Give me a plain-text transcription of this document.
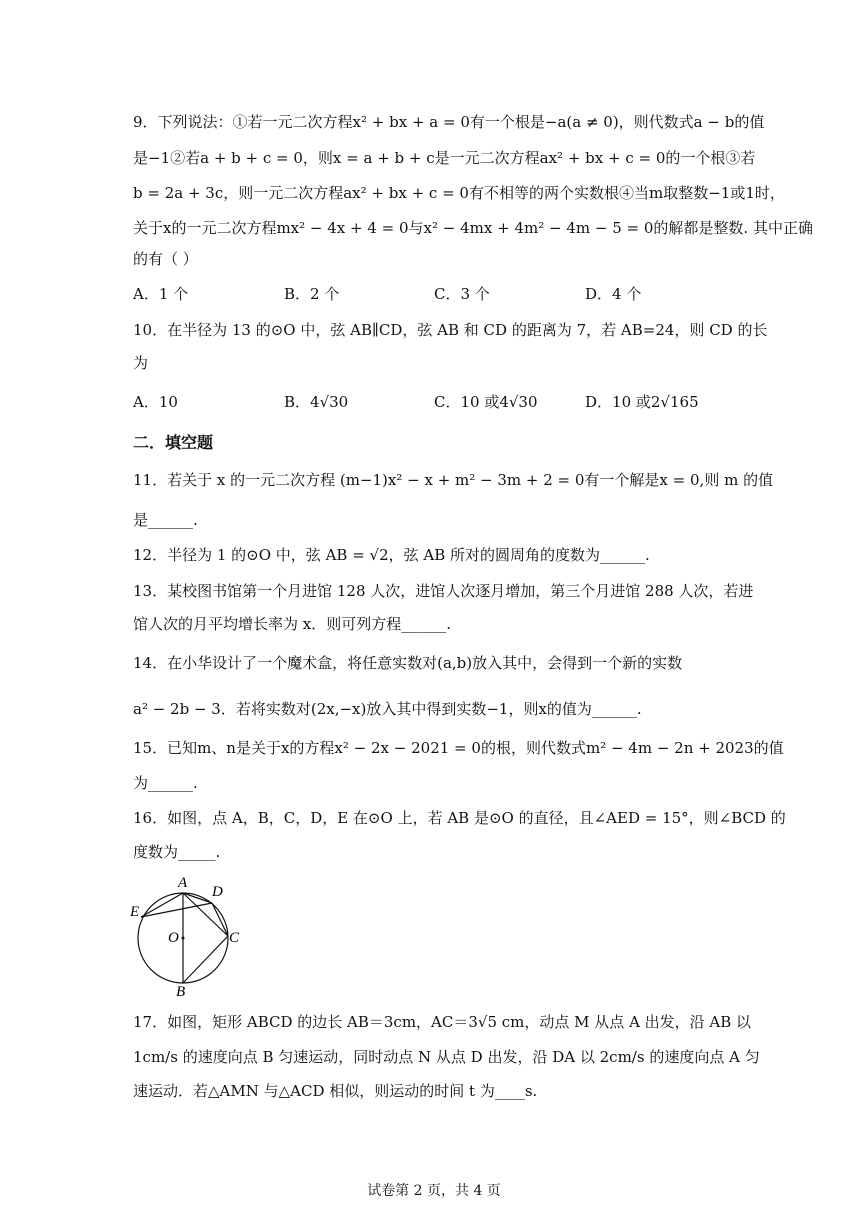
9．下列说法：①若一元二次方程x² + bx + a = 0有一个根是−a(a ≠ 0)，则代数式a − b的值
是−1②若a + b + c = 0，则x = a + b + c是一元二次方程ax² + bx + c = 0的一个根③若
b = 2a + 3c，则一元二次方程ax² + bx + c = 0有不相等的两个实数根④当m取整数−1或1时，
关于x的一元二次方程mx² − 4x + 4 = 0与x² − 4mx + 4m² − 4m − 5 = 0的解都是整数. 其中正确
的有（ ）
A．1 个	B．2 个	C．3 个	D．4 个
10．在半径为 13 的⊙O 中，弦 AB∥CD，弦 AB 和 CD 的距离为 7，若 AB=24，则 CD 的长
为
A．10	B．4√30	C．10 或4√30	D．10 或2√165
二．填空题
11．若关于 x 的一元二次方程 (m−1)x² − x + m² − 3m + 2 = 0有一个解是x = 0,则 m 的值
是______.
12．半径为 1 的⊙O 中，弦 AB = √2，弦 AB 所对的圆周角的度数为______.
13．某校图书馆第一个月进馆 128 人次，进馆人次逐月增加，第三个月进馆 288 人次，若进
馆人次的月平均增长率为 x．则可列方程______.
14．在小华设计了一个魔术盒，将任意实数对(a,b)放入其中，会得到一个新的实数
a² − 2b − 3．若将实数对(2x,−x)放入其中得到实数−1，则x的值为______.
15．已知m、n是关于x的方程x² − 2x − 2021 = 0的根，则代数式m² − 4m − 2n + 2023的值
为______.
16．如图，点 A，B，C，D，E 在⊙O 上，若 AB 是⊙O 的直径，且∠AED = 15°，则∠BCD 的
度数为_____.
A
D
E
O	C
B
17．如图，矩形 ABCD 的边长 AB＝3cm，AC＝3√5 cm，动点 M 从点 A 出发，沿 AB 以
1cm/s 的速度向点 B 匀速运动，同时动点 N 从点 D 出发，沿 DA 以 2cm/s 的速度向点 A 匀
速运动．若△AMN 与△ACD 相似，则运动的时间 t 为____s.
试卷第 2 页，共 4 页
